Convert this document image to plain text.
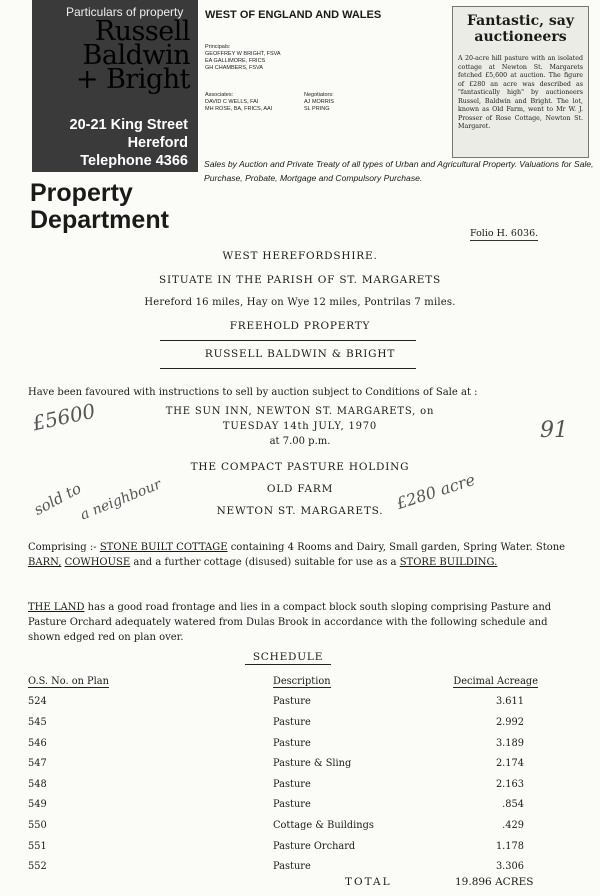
Particulars of property
Russell
Baldwin
+ Bright
20-21 King Street
Hereford
Telephone 4366
WEST OF ENGLAND AND WALES
Principals:
GEOFFREY W BRIGHT, FSVA
EA GALLIMORE, FRICS
GH CHAMBERS, FSVA
Associates:
DAVID C WELLS, FAI
MH ROSE, BA, FRICS, AAI
Negotiators:
AJ MORRIS
SL PRING
Sales by Auction and Private Treaty of all types of Urban and Agricultural Property. Valuations for Sale, Purchase, Probate, Mortgage and Compulsory Purchase.
Fantastic, say
auctioneers
A 20-acre hill pasture with an isolated cottage at Newton St. Margarets fetched £5,600 at auction. The figure of £280 an acre was described as "fantastically high" by auctioneers Russel, Baldwin and Bright. The lot, known as Old Farm, went to Mr W. J. Prosser of Rose Cottage, Newton St. Margaret.
Property
Department	Folio H. 6036.
WEST HEREFORDSHIRE.
SITUATE IN THE PARISH OF ST. MARGARETS
Hereford 16 miles, Hay on Wye 12 miles, Pontrilas 7 miles.
FREEHOLD PROPERTY
RUSSELL BALDWIN & BRIGHT
Have been favoured with instructions to sell by auction subject to Conditions of Sale at :
THE SUN INN, NEWTON ST. MARGARETS, on
TUESDAY 14th JULY, 1970
at 7.00 p.m.
THE COMPACT PASTURE HOLDING
OLD FARM
NEWTON ST. MARGARETS.
Comprising :- STONE BUILT COTTAGE containing 4 Rooms and Dairy, Small garden, Spring Water. Stone BARN, COWHOUSE and a further cottage (disused) suitable for use as a STORE BUILDING.
THE LAND has a good road frontage and lies in a compact block south sloping comprising Pasture and Pasture Orchard adequately watered from Dulas Brook in accordance with the following schedule and shown edged red on plan over.
SCHEDULE
O.S. No. on Plan	Description	Decimal Acreage
524	Pasture	3.611
545	Pasture	2.992
546	Pasture	3.189
547	Pasture & Sling	2.174
548	Pasture	2.163
549	Pasture	.854
550	Cottage & Buildings	.429
551	Pasture Orchard	1.178
552	Pasture	3.306
TOTAL	19.896 ACRES
£5600
sold to
a neighbour	£280 acre
91
